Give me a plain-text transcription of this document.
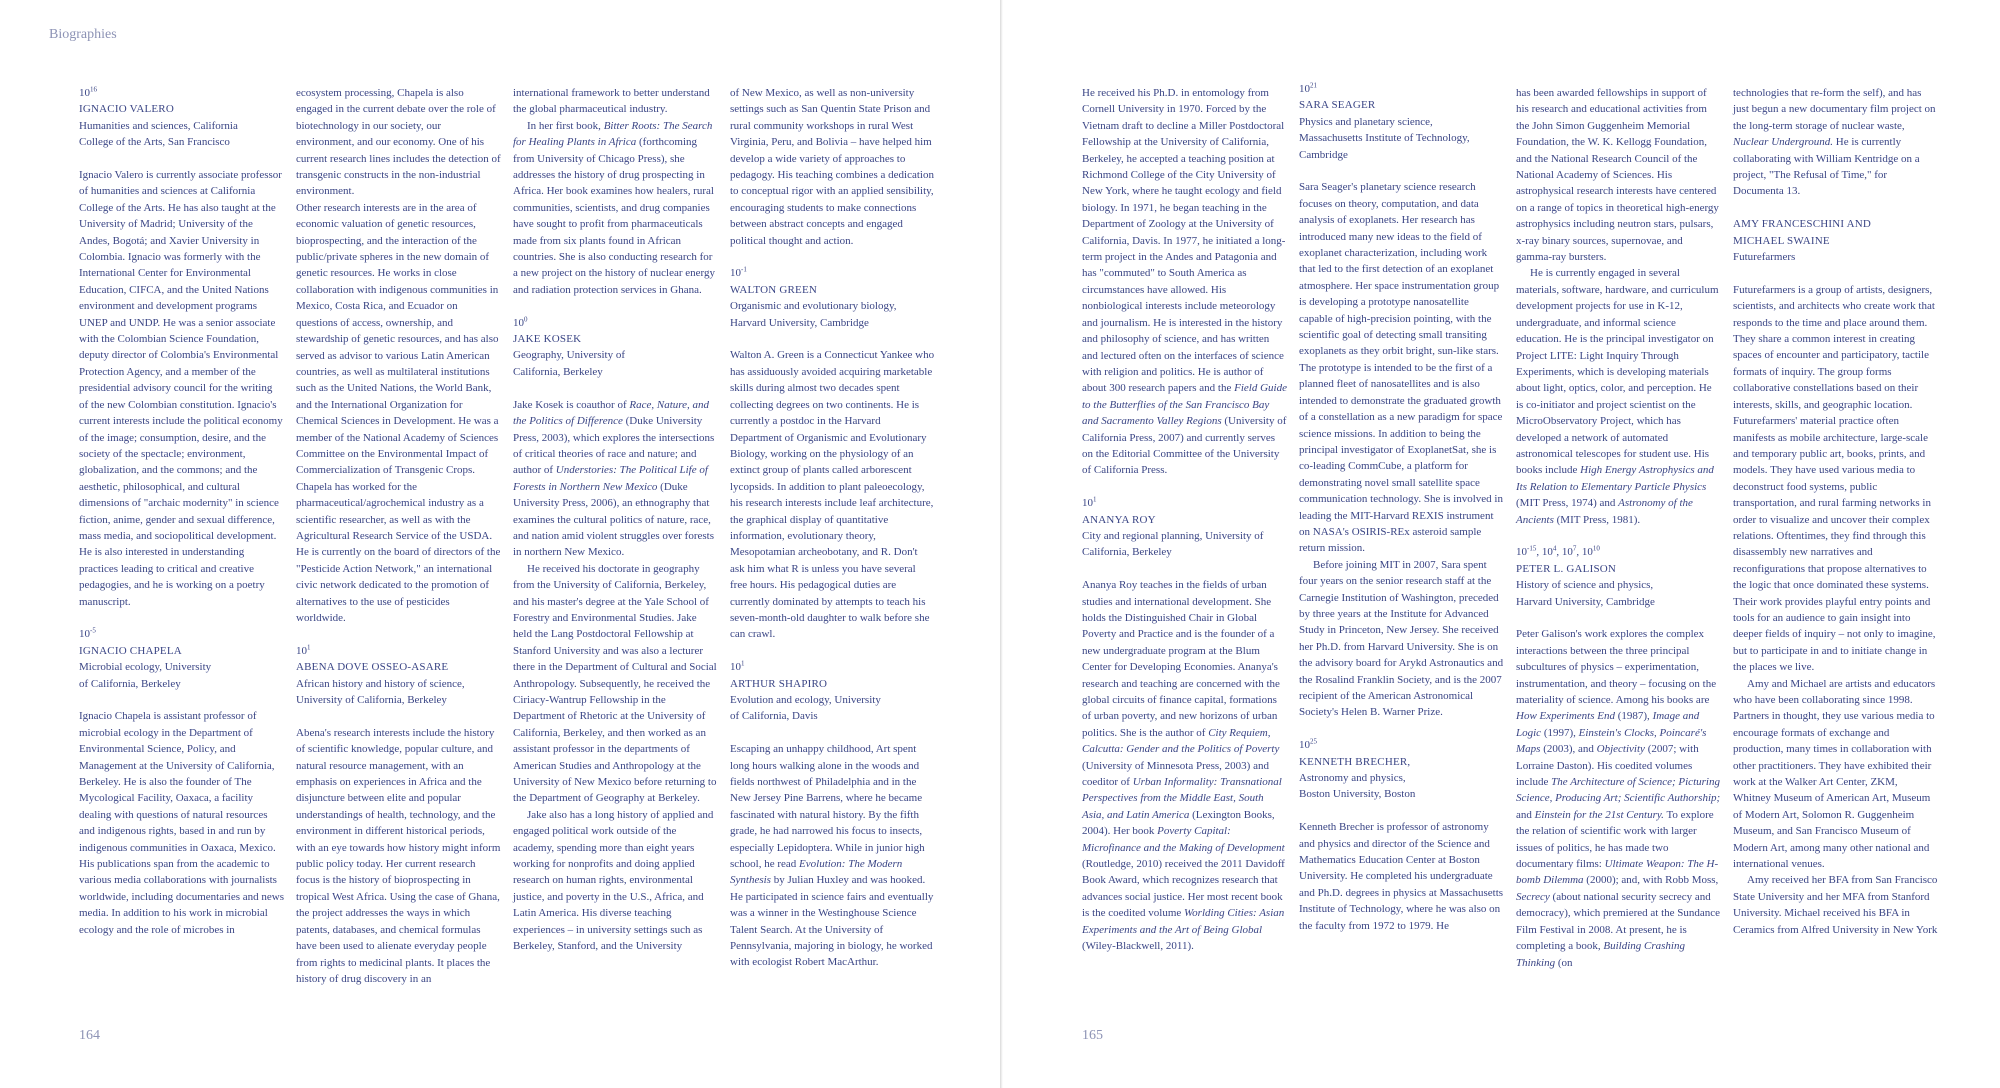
Biographies
$10^{16}$
IGNACIO VALERO
Humanities and sciences, California
College of the Arts, San Francisco

Ignacio Valero is currently associate professor of humanities and sciences at California College of the Arts. He has also taught at the University of Madrid; University of the Andes, Bogotá; and Xavier University in Colombia. Ignacio was formerly with the International Center for Environmental Education, CIFCA, and the United Nations environment and development programs UNEP and UNDP. He was a senior associate with the Colombian Science Foundation, deputy director of Colombia's Environmental Protection Agency, and a member of the presidential advisory council for the writing of the new Colombian constitution. Ignacio's current interests include the political economy of the image; consumption, desire, and the society of the spectacle; environment, globalization, and the commons; and the aesthetic, philosophical, and cultural dimensions of "archaic modernity" in science fiction, anime, gender and sexual difference, mass media, and sociopolitical development. He is also interested in understanding practices leading to critical and creative pedagogies, and he is working on a poetry manuscript.

$10^{-5}$
IGNACIO CHAPELA
Microbial ecology, University
of California, Berkeley

Ignacio Chapela is assistant professor of microbial ecology in the Department of Environmental Science, Policy, and Management at the University of California, Berkeley. He is also the founder of The Mycological Facility, Oaxaca, a facility dealing with questions of natural resources and indigenous rights, based in and run by indigenous communities in Oaxaca, Mexico. His publications span from the academic to various media collaborations with journalists worldwide, including documentaries and news media. In addition to his work in microbial ecology and the role of microbes in

ecosystem processing, Chapela is also engaged in the current debate over the role of biotechnology in our society, our environment, and our economy. One of his current research lines includes the detection of transgenic constructs in the non-industrial environment.

Other research interests are in the area of economic valuation of genetic resources, bioprospecting, and the interaction of the public/private spheres in the new domain of genetic resources. He works in close collaboration with indigenous communities in Mexico, Costa Rica, and Ecuador on questions of access, ownership, and stewardship of genetic resources, and has also served as advisor to various Latin American countries, as well as multilateral institutions such as the United Nations, the World Bank, and the International Organization for Chemical Sciences in Development. He was a member of the National Academy of Sciences Committee on the Environmental Impact of Commercialization of Transgenic Crops. Chapela has worked for the pharmaceutical/agrochemical industry as a scientific researcher, as well as with the Agricultural Research Service of the USDA. He is currently on the board of directors of the "Pesticide Action Network," an international civic network dedicated to the promotion of alternatives to the use of pesticides worldwide.

$10^1$
ABENA DOVE OSSEO-ASARE
African history and history of science,
University of California, Berkeley

Abena's research interests include the history of scientific knowledge, popular culture, and natural resource management, with an emphasis on experiences in Africa and the disjuncture between elite and popular understandings of health, technology, and the environment in different historical periods, with an eye towards how history might inform public policy today. Her current research focus is the history of bioprospecting in tropical West Africa. Using the case of Ghana, the project addresses the ways in which patents, databases, and chemical formulas have been used to alienate everyday people from rights to medicinal plants. It places the history of drug discovery in an

international framework to better understand the global pharmaceutical industry.

In her first book, Bitter Roots: The Search for Healing Plants in Africa (forthcoming from University of Chicago Press), she addresses the history of drug prospecting in Africa. Her book examines how healers, rural communities, scientists, and drug companies have sought to profit from pharmaceuticals made from six plants found in African countries. She is also conducting research for a new project on the history of nuclear energy and radiation protection services in Ghana.

$10^0$
JAKE KOSEK
Geography, University of
California, Berkeley

Jake Kosek is coauthor of Race, Nature, and the Politics of Difference (Duke University Press, 2003), which explores the intersections of critical theories of race and nature; and author of Understories: The Political Life of Forests in Northern New Mexico (Duke University Press, 2006), an ethnography that examines the cultural politics of nature, race, and nation amid violent struggles over forests in northern New Mexico.

He received his doctorate in geography from the University of California, Berkeley, and his master's degree at the Yale School of Forestry and Environmental Studies. Jake held the Lang Postdoctoral Fellowship at Stanford University and was also a lecturer there in the Department of Cultural and Social Anthropology. Subsequently, he received the Ciriacy-Wantrup Fellowship in the Department of Rhetoric at the University of California, Berkeley, and then worked as an assistant professor in the departments of American Studies and Anthropology at the University of New Mexico before returning to the Department of Geography at Berkeley.

Jake also has a long history of applied and engaged political work outside of the academy, spending more than eight years working for nonprofits and doing applied research on human rights, environmental justice, and poverty in the U.S., Africa, and Latin America. His diverse teaching experiences – in university settings such as Berkeley, Stanford, and the University

of New Mexico, as well as non-university settings such as San Quentin State Prison and rural community workshops in rural West Virginia, Peru, and Bolivia – have helped him develop a wide variety of approaches to pedagogy. His teaching combines a dedication to conceptual rigor with an applied sensibility, encouraging students to make connections between abstract concepts and engaged political thought and action.

$10^{-1}$
WALTON GREEN
Organismic and evolutionary biology,
Harvard University, Cambridge

Walton A. Green is a Connecticut Yankee who has assiduously avoided acquiring marketable skills during almost two decades spent collecting degrees on two continents. He is currently a postdoc in the Harvard Department of Organismic and Evolutionary Biology, working on the physiology of an extinct group of plants called arborescent lycopsids. In addition to plant paleoecology, his research interests include leaf architecture, the graphical display of quantitative information, evolutionary theory, Mesopotamian archeobotany, and R. Don't ask him what R is unless you have several free hours. His pedagogical duties are currently dominated by attempts to teach his seven-month-old daughter to walk before she can crawl.

$10^1$
ARTHUR SHAPIRO
Evolution and ecology, University
of California, Davis

Escaping an unhappy childhood, Art spent long hours walking alone in the woods and fields northwest of Philadelphia and in the New Jersey Pine Barrens, where he became fascinated with natural history. By the fifth grade, he had narrowed his focus to insects, especially Lepidoptera. While in junior high school, he read Evolution: The Modern Synthesis by Julian Huxley and was hooked. He participated in science fairs and eventually was a winner in the Westinghouse Science Talent Search. At the University of Pennsylvania, majoring in biology, he worked with ecologist Robert MacArthur.

164

He received his Ph.D. in entomology from Cornell University in 1970. Forced by the Vietnam draft to decline a Miller Postdoctoral Fellowship at the University of California, Berkeley, he accepted a teaching position at Richmond College of the City University of New York, where he taught ecology and field biology. In 1971, he began teaching in the Department of Zoology at the University of California, Davis. In 1977, he initiated a long-term project in the Andes and Patagonia and has "commuted" to South America as circumstances have allowed. His nonbiological interests include meteorology and journalism. He is interested in the history and philosophy of science, and has written and lectured often on the interfaces of science with religion and politics. He is author of about 300 research papers and the Field Guide to the Butterflies of the San Francisco Bay and Sacramento Valley Regions (University of California Press, 2007) and currently serves on the Editorial Committee of the University of California Press.

$10^1$
ANANYA ROY
City and regional planning, University of
California, Berkeley

Ananya Roy teaches in the fields of urban studies and international development. She holds the Distinguished Chair in Global Poverty and Practice and is the founder of a new undergraduate program at the Blum Center for Developing Economies. Ananya's research and teaching are concerned with the global circuits of finance capital, formations of urban poverty, and new horizons of urban politics. She is the author of City Requiem, Calcutta: Gender and the Politics of Poverty (University of Minnesota Press, 2003) and coeditor of Urban Informality: Transnational Perspectives from the Middle East, South Asia, and Latin America (Lexington Books, 2004). Her book Poverty Capital: Microfinance and the Making of Development (Routledge, 2010) received the 2011 Davidoff Book Award, which recognizes research that advances social justice. Her most recent book is the coedited volume Worlding Cities: Asian Experiments and the Art of Being Global (Wiley-Blackwell, 2011).

$10^{21}$
SARA SEAGER
Physics and planetary science,
Massachusetts Institute of Technology, Cambridge

Sara Seager's planetary science research focuses on theory, computation, and data analysis of exoplanets. Her research has introduced many new ideas to the field of exoplanet characterization, including work that led to the first detection of an exoplanet atmosphere. Her space instrumentation group is developing a prototype nanosatellite capable of high-precision pointing, with the scientific goal of detecting small transiting exoplanets as they orbit bright, sun-like stars. The prototype is intended to be the first of a planned fleet of nanosatellites and is also intended to demonstrate the graduated growth of a constellation as a new paradigm for space science missions. In addition to being the principal investigator of ExoplanetSat, she is co-leading CommCube, a platform for demonstrating novel small satellite space communication technology. She is involved in leading the MIT-Harvard REXIS instrument on NASA's OSIRIS-REx asteroid sample return mission.

Before joining MIT in 2007, Sara spent four years on the senior research staff at the Carnegie Institution of Washington, preceded by three years at the Institute for Advanced Study in Princeton, New Jersey. She received her Ph.D. from Harvard University. She is on the advisory board for Arykd Astronautics and the Rosalind Franklin Society, and is the 2007 recipient of the American Astronomical Society's Helen B. Warner Prize.

$10^{25}$
KENNETH BRECHER,
Astronomy and physics,
Boston University, Boston

Kenneth Brecher is professor of astronomy and physics and director of the Science and Mathematics Education Center at Boston University. He completed his undergraduate and Ph.D. degrees in physics at Massachusetts Institute of Technology, where he was also on the faculty from 1972 to 1979. He

has been awarded fellowships in support of his research and educational activities from the John Simon Guggenheim Memorial Foundation, the W. K. Kellogg Foundation, and the National Research Council of the National Academy of Sciences. His astrophysical research interests have centered on a range of topics in theoretical high-energy astrophysics including neutron stars, pulsars, x-ray binary sources, supernovae, and gamma-ray bursters.

He is currently engaged in several materials, software, hardware, and curriculum development projects for use in K-12, undergraduate, and informal science education. He is the principal investigator on Project LITE: Light Inquiry Through Experiments, which is developing materials about light, optics, color, and perception. He is co-initiator and project scientist on the MicroObservatory Project, which has developed a network of automated astronomical telescopes for student use. His books include High Energy Astrophysics and Its Relation to Elementary Particle Physics (MIT Press, 1974) and Astronomy of the Ancients (MIT Press, 1981).

$10^{-15}$, $10^4$, $10^7$, $10^{10}$
PETER L. GALISON
History of science and physics,
Harvard University, Cambridge

Peter Galison's work explores the complex interactions between the three principal subcultures of physics – experimentation, instrumentation, and theory – focusing on the materiality of science. Among his books are How Experiments End (1987), Image and Logic (1997), Einstein's Clocks, Poincaré's Maps (2003), and Objectivity (2007; with Lorraine Daston). His coedited volumes include The Architecture of Science; Picturing Science, Producing Art; Scientific Authorship; and Einstein for the 21st Century. To explore the relation of scientific work with larger issues of politics, he has made two documentary films: Ultimate Weapon: The H-bomb Dilemma (2000); and, with Robb Moss, Secrecy (about national security secrecy and democracy), which premiered at the Sundance Film Festival in 2008. At present, he is completing a book, Building Crashing Thinking (on

technologies that re-form the self), and has just begun a new documentary film project on the long-term storage of nuclear waste, Nuclear Underground. He is currently collaborating with William Kentridge on a project, "The Refusal of Time," for Documenta 13.

AMY FRANCESCHINI AND
MICHAEL SWAINE
Futurefarmers

Futurefarmers is a group of artists, designers, scientists, and architects who create work that responds to the time and place around them. They share a common interest in creating spaces of encounter and participatory, tactile formats of inquiry. The group forms collaborative constellations based on their interests, skills, and geographic location. Futurefarmers' material practice often manifests as mobile architecture, large-scale and temporary public art, books, prints, and models. They have used various media to deconstruct food systems, public transportation, and rural farming networks in order to visualize and uncover their complex relations. Oftentimes, they find through this disassembly new narratives and reconfigurations that propose alternatives to the logic that once dominated these systems. Their work provides playful entry points and tools for an audience to gain insight into deeper fields of inquiry – not only to imagine, but to participate in and to initiate change in the places we live.

Amy and Michael are artists and educators who have been collaborating since 1998. Partners in thought, they use various media to encourage formats of exchange and production, many times in collaboration with other practitioners. They have exhibited their work at the Walker Art Center, ZKM, Whitney Museum of American Art, Museum of Modern Art, Solomon R. Guggenheim Museum, and San Francisco Museum of Modern Art, among many other national and international venues.

Amy received her BFA from San Francisco State University and her MFA from Stanford University. Michael received his BFA in Ceramics from Alfred University in New York

165
